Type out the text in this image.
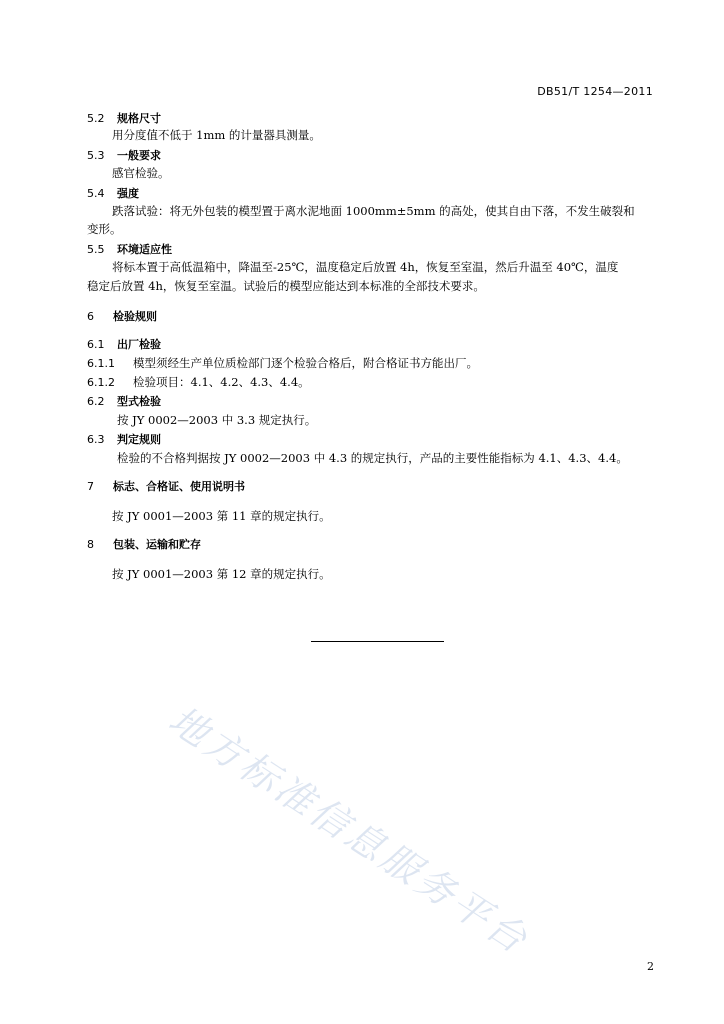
DB51/T 1254—2011
5.2 规格尺寸
用分度值不低于 1mm 的计量器具测量。
5.3 一般要求
感官检验。
5.4 强度
跌落试验：将无外包装的模型置于离水泥地面 1000mm±5mm 的高处，使其自由下落，不发生破裂和
变形。
5.5 环境适应性
将标本置于高低温箱中，降温至-25℃，温度稳定后放置 4h，恢复至室温，然后升温至 40℃，温度
稳定后放置 4h，恢复至室温。试验后的模型应能达到本标准的全部技术要求。
6 检验规则
6.1 出厂检验
6.1.1 模型须经生产单位质检部门逐个检验合格后，附合格证书方能出厂。
6.1.2 检验项目：4.1、4.2、4.3、4.4。
6.2 型式检验
按 JY 0002—2003 中 3.3 规定执行。
6.3 判定规则
检验的不合格判据按 JY 0002—2003 中 4.3 的规定执行，产品的主要性能指标为 4.1、4.3、4.4。
7 标志、合格证、使用说明书
按 JY 0001—2003 第 11 章的规定执行。
8 包装、运输和贮存
按 JY 0001—2003 第 12 章的规定执行。
地方标准信息服务平台
2
